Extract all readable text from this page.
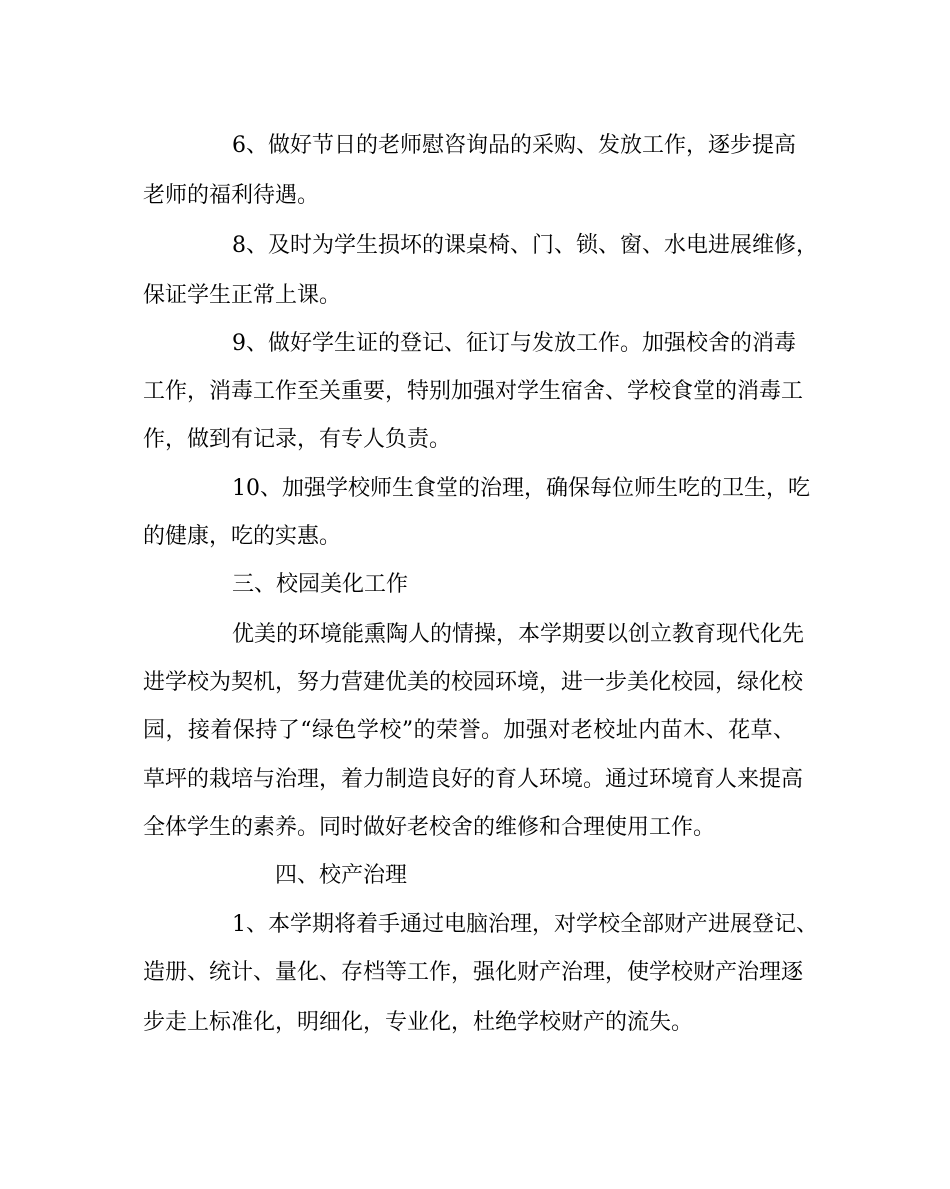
6、做好节日的老师慰咨询品的采购、发放工作，逐步提高

老师的福利待遇。

8、及时为学生损坏的课桌椅、门、锁、窗、水电进展维修，

保证学生正常上课。

9、做好学生证的登记、征订与发放工作。加强校舍的消毒

工作，消毒工作至关重要，特别加强对学生宿舍、学校食堂的消毒工

作，做到有记录，有专人负责。

10、加强学校师生食堂的治理，确保每位师生吃的卫生，吃

的健康，吃的实惠。

三、校园美化工作

优美的环境能熏陶人的情操，本学期要以创立教育现代化先

进学校为契机，努力营建优美的校园环境，进一步美化校园，绿化校

园，接着保持了“绿色学校”的荣誉。加强对老校址内苗木、花草、

草坪的栽培与治理，着力制造良好的育人环境。通过环境育人来提高

全体学生的素养。同时做好老校舍的维修和合理使用工作。

四、校产治理

1、本学期将着手通过电脑治理，对学校全部财产进展登记、

造册、统计、量化、存档等工作，强化财产治理，使学校财产治理逐

步走上标准化，明细化，专业化，杜绝学校财产的流失。
